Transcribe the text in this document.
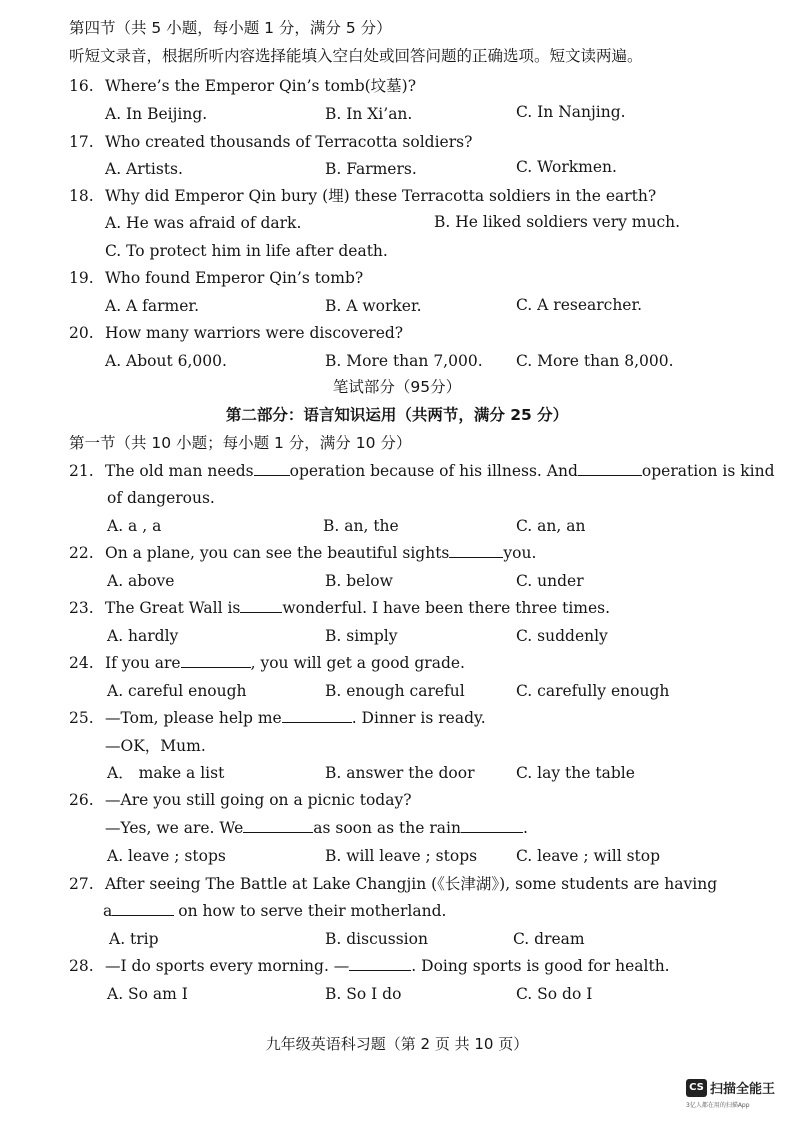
第四节（共 5 小题，每小题 1 分，满分 5 分）
听短文录音，根据所听内容选择能填入空白处或回答问题的正确选项。短文读两遍。
16. Where’s the Emperor Qin’s tomb(坟墓)?
A. In Beijing.	B. In Xi’an.	C. In Nanjing.
17. Who created thousands of Terracotta soldiers?
A. Artists.	B. Farmers.	C. Workmen.
18. Why did Emperor Qin bury (埋) these Terracotta soldiers in the earth?
A. He was afraid of dark.	B. He liked soldiers very much.
C. To protect him in life after death.
19. Who found Emperor Qin’s tomb?
A. A farmer.	B. A worker.	C. A researcher.
20. How many warriors were discovered?
A. About 6,000.	B. More than 7,000. C. More than 8,000.
笔试部分（95分）
第二部分：语言知识运用（共两节，满分 25 分）
第一节（共 10 小题；每小题 1 分，满分 10 分）
21. The old man needs operation because of his illness. And	operation is kind
of dangerous.
A. a , a	B. an, the	C. an, an
22. On a plane, you can see the beautiful sights	you.
A. above	B. below	C. under
23. The Great Wall is	wonderful. I have been there three times.
A. hardly	B. simply	C. suddenly
24. If you are	, you will get a good grade.
A. careful enough	B. enough careful	C. carefully enough
25. —Tom, please help me	. Dinner is ready.
—OK，Mum.
A． make a list	B. answer the door	C. lay the table
26. —Are you still going on a picnic today?
—Yes, we are. We	as soon as the rain	.
A. leave ; stops	B. will leave ; stops	C. leave ; will stop
27. After seeing The Battle at Lake Changjin (《长津湖》), some students are having
a	on how to serve their motherland.
A. trip	B. discussion	C. dream
28. —I do sports every morning. —	. Doing sports is good for health.
A. So am I	B. So I do	C. So do I
九年级英语科习题（第 2 页 共 10 页）
CS 扫描全能王
3亿人都在用的扫描App
